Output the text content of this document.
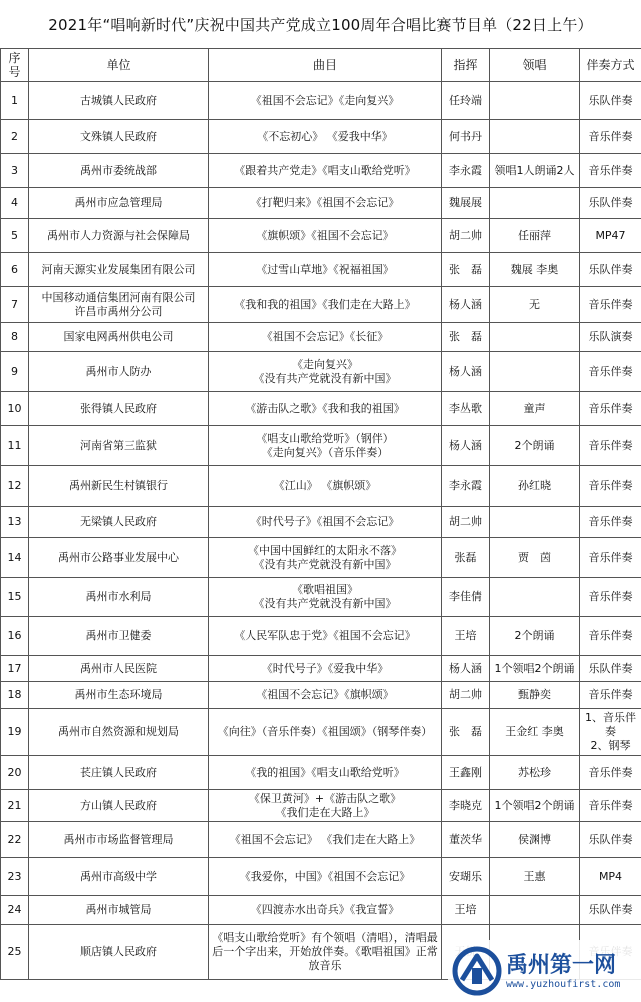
2021年“唱响新时代”庆祝中国共产党成立100周年合唱比赛节目单（22日上午）
序号	单位	曲目	指挥	领唱	伴奏方式
1	古城镇人民政府	《祖国不会忘记》《走向复兴》	任玲端		乐队伴奏
2	文殊镇人民政府	《不忘初心》 《爱我中华》	何书丹		音乐伴奏
3	禹州市委统战部	《跟着共产党走》《唱支山歌给党听》	李永霞	领唱1人朗诵2人	音乐伴奏
4	禹州市应急管理局	《打靶归来》《祖国不会忘记》	魏展展		乐队伴奏
5	禹州市人力资源与社会保障局	《旗帜颂》《祖国不会忘记》	胡二帅	任丽萍	MP47
6	河南天源实业发展集团有限公司	《过雪山草地》《祝福祖国》	张　磊	魏展 李奥	乐队伴奏
7	中国移动通信集团河南有限公司
许昌市禹州分公司	《我和我的祖国》《我们走在大路上》	杨人涵	无	音乐伴奏
8	国家电网禹州供电公司	《祖国不会忘记》《长征》	张　磊		乐队演奏
9	禹州市人防办	《走向复兴》
《没有共产党就没有新中国》	杨人涵		音乐伴奏
10	张得镇人民政府	《游击队之歌》《我和我的祖国》	李丛歌	童声	音乐伴奏
11	河南省第三监狱	《唱支山歌给党听》（钢伴）
《走向复兴》（音乐伴奏）	杨人涵	2个朗诵	音乐伴奏
12	禹州新民生村镇银行	《江山》 《旗帜颂》	李永霞	孙红晓	音乐伴奏
13	无梁镇人民政府	《时代号子》《祖国不会忘记》	胡二帅		音乐伴奏
14	禹州市公路事业发展中心	《中国中国鲜红的太阳永不落》
《没有共产党就没有新中国》	张磊	贾　茵	音乐伴奏
15	禹州市水利局	《歌唱祖国》
《没有共产党就没有新中国》	李佳倩		音乐伴奏
16	禹州市卫健委	《人民军队忠于党》《祖国不会忘记》	王培	2个朗诵	音乐伴奏
17	禹州市人民医院	《时代号子》《爱我中华》	杨人涵	1个领唱2个朗诵	乐队伴奏
18	禹州市生态环境局	《祖国不会忘记》《旗帜颂》	胡二帅	甄静奕	音乐伴奏
19	禹州市自然资源和规划局	《向往》（音乐伴奏）《祖国颂》（钢琴伴奏）	张　磊	王金红 李奥	1、音乐伴奏
2、钢琴
20	苌庄镇人民政府	《我的祖国》《唱支山歌给党听》	王鑫刚	苏松珍	音乐伴奏
21	方山镇人民政府	《保卫黄河》+《游击队之歌》
《我们走在大路上》	李晓克	1个领唱2个朗诵	音乐伴奏
22	禹州市市场监督管理局	《祖国不会忘记》 《我们走在大路上》	董茨华	侯渊博	乐队伴奏
23	禹州市高级中学	《我爱你，中国》《祖国不会忘记》	安瑚乐	王惠	MP4
24	禹州市城管局	《四渡赤水出奇兵》《我宣誓》	王培		乐队伴奏
25	顺店镇人民政府	《唱支山歌给党听》有个领唱（清唱），清唱最后一个字出来，开始放伴奏。《歌唱祖国》正常放音乐				禹州第一网
www.yuzhoufirst.com
